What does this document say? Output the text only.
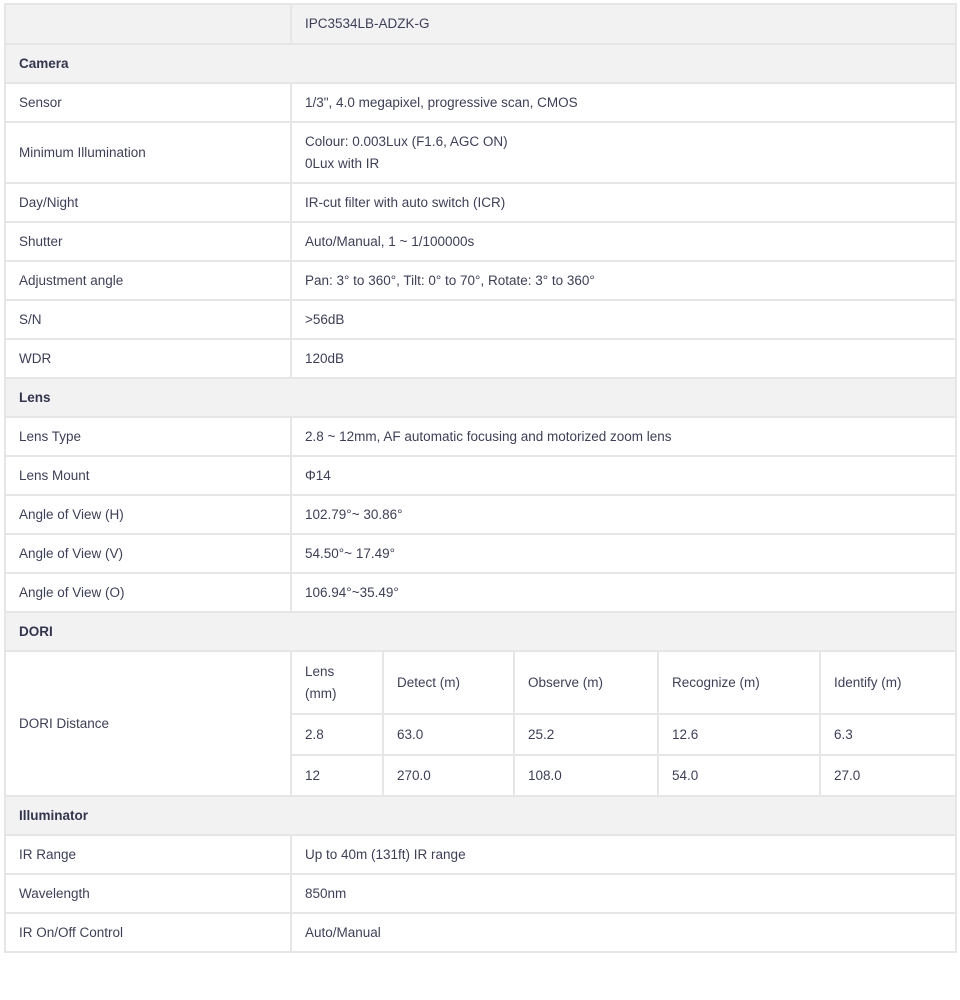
	IPC3534LB-ADZK-G
Camera
Sensor	1/3", 4.0 megapixel, progressive scan, CMOS
Minimum Illumination	
Colour: 0.003Lux (F1.6, AGC ON)
0Lux with IR

Day/Night	IR-cut filter with auto switch (ICR)
Shutter	Auto/Manual, 1 ~ 1/100000s
Adjustment angle	Pan: 3° to 360°, Tilt: 0° to 70°, Rotate: 3° to 360°
S/N	>56dB
WDR	120dB
Lens
Lens Type	2.8 ~ 12mm, AF automatic focusing and motorized zoom lens
Lens Mount	Φ14
Angle of View (H)	102.79°~ 30.86°
Angle of View (V)	54.50°~ 17.49°
Angle of View (O)	106.94°~35.49°
DORI
DORI Distance	
Lens (mm)	Detect (m)	Observe (m)	Recognize (m)	Identify (m)
2.8	63.0	25.2	12.6	6.3
12	270.0	108.0	54.0	27.0

Illuminator
IR Range	Up to 40m (131ft) IR range
Wavelength	850nm
IR On/Off Control	Auto/Manual
